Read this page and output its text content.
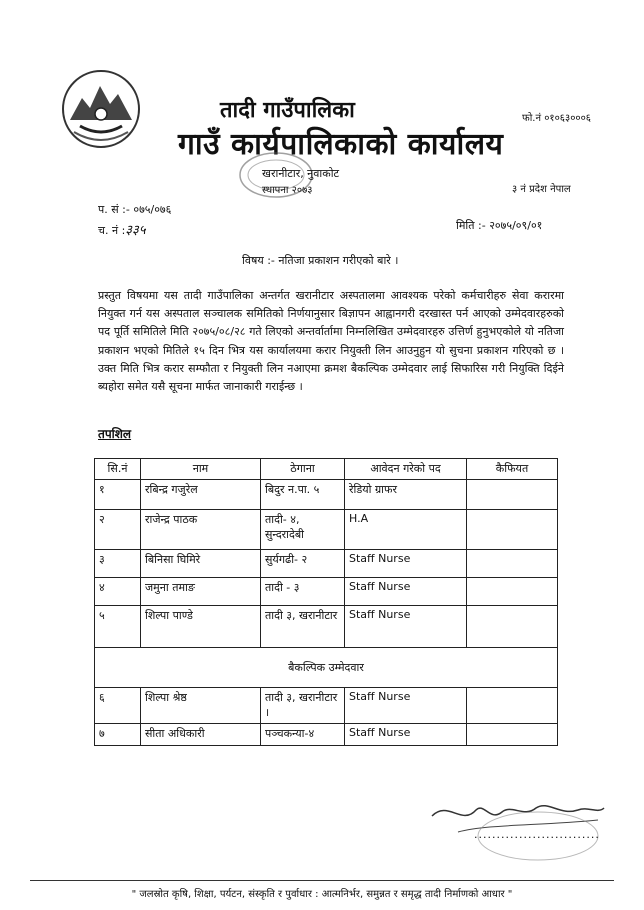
तादी गाउँपालिका
गाउँ कार्यपालिकाको कार्यालय
खरानीटार, नुवाकोट
स्थापना २०७३
फो.नं ०१०६३०००६
३ नं प्रदेश नेपाल
प. सं :- ०७५/०७६
च. नं :३३५	मिति :- २०७५/०९/०१
विषय :- नतिजा प्रकाशन गरीएको बारे ।
प्रस्तुत विषयमा यस तादी गाउँपालिका अन्तर्गत खरानीटार अस्पतालमा आवश्यक परेको कर्मचारीहरु सेवा करारमा नियुक्त गर्न यस अस्पताल सञ्चालक समितिको निर्णयानुसार बिज्ञापन आह्वानगरी दरखास्त पर्न आएको उम्मेदवारहरुको पद पूर्ति समितिले मिति २०७५/०८/२८ गते लिएको अन्तर्वार्तामा निम्नलिखित उम्मेदवारहरु उत्तिर्ण हुनुभएकोले यो नतिजा प्रकाशन भएको मितिले १५ दिन भित्र यस कार्यालयमा करार नियुक्ती लिन आउनुहुन यो सुचना प्रकाशन गरिएको छ । उक्त मिति भित्र करार सम्फौता र नियुक्ती लिन नआएमा क्रमश बैकल्पिक उम्मेदवार लाई सिफारिस गरी नियुक्ति दिईने ब्यहोरा समेत यसै सूचना मार्फत जानाकारी गराईन्छ ।
तपशिल
सि.नं	नाम	ठेगाना	आवेदन गरेको पद	कैफियत
१	रबिन्द्र गजुरेल	बिदुर न.पा. ५	रेडियो ग्राफर	
२	राजेन्द्र पाठक	तादी- ४, सुन्दरादेबी	H.A	
३	बिनिसा घिमिरे	सुर्यगढी- २	Staff Nurse	
४	जमुना तमाङ	तादी - ३	Staff Nurse	
५	शिल्पा पाण्डे	तादी ३, खरानीटार	Staff Nurse	
बैकल्पिक उम्मेदवार				
६	शिल्पा श्रेष्ठ	तादी ३, खरानीटार ।	Staff Nurse	
७	सीता अधिकारी	पञ्चकन्या-४	Staff Nurse	
............................
" जलस्रोत कृषि, शिक्षा, पर्यटन, संस्कृति र पुर्वाधार : आत्मनिर्भर, समुन्नत र समृद्ध तादी निर्माणको आधार "
